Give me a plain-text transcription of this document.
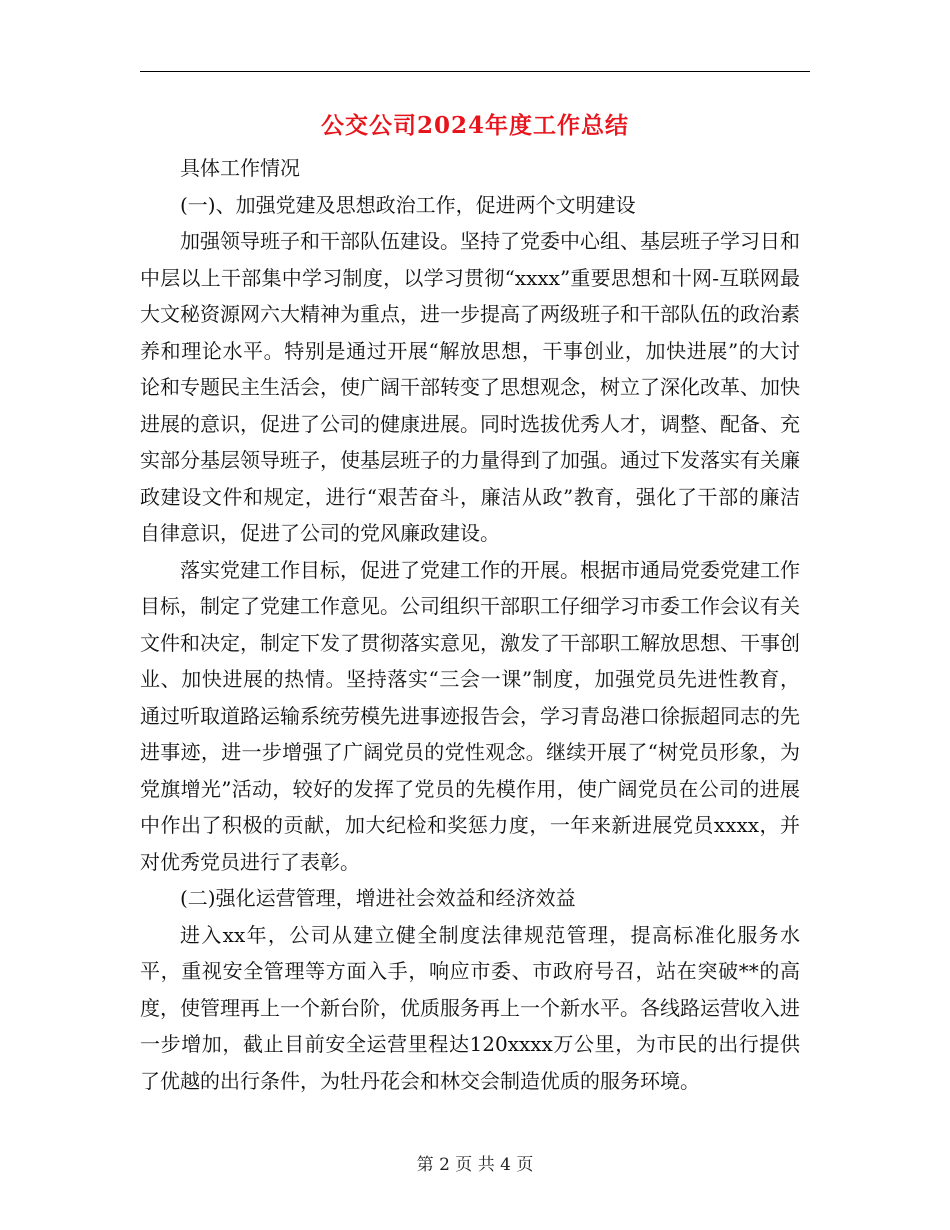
公交公司2024年度工作总结

具体工作情况

(一)、加强党建及思想政治工作，促进两个文明建设

加强领导班子和干部队伍建设。坚持了党委中心组、基层班子学习日和中层以上干部集中学习制度，以学习贯彻“xxxx”重要思想和十网-互联网最大文秘资源网六大精神为重点，进一步提高了两级班子和干部队伍的政治素养和理论水平。特别是通过开展“解放思想，干事创业，加快进展”的大讨论和专题民主生活会，使广阔干部转变了思想观念，树立了深化改革、加快进展的意识，促进了公司的健康进展。同时选拔优秀人才，调整、配备、充实部分基层领导班子，使基层班子的力量得到了加强。通过下发落实有关廉政建设文件和规定，进行“艰苦奋斗，廉洁从政”教育，强化了干部的廉洁自律意识，促进了公司的党风廉政建设。

落实党建工作目标，促进了党建工作的开展。根据市通局党委党建工作目标，制定了党建工作意见。公司组织干部职工仔细学习市委工作会议有关文件和决定，制定下发了贯彻落实意见，激发了干部职工解放思想、干事创业、加快进展的热情。坚持落实“三会一课”制度，加强党员先进性教育，通过听取道路运输系统劳模先进事迹报告会，学习青岛港口徐振超同志的先进事迹，进一步增强了广阔党员的党性观念。继续开展了“树党员形象，为党旗增光”活动，较好的发挥了党员的先模作用，使广阔党员在公司的进展中作出了积极的贡献，加大纪检和奖惩力度，一年来新进展党员xxxx，并对优秀党员进行了表彰。

(二)强化运营管理，增进社会效益和经济效益

进入xx年，公司从建立健全制度法律规范管理，提高标准化服务水平，重视安全管理等方面入手，响应市委、市政府号召，站在突破**的高度，使管理再上一个新台阶，优质服务再上一个新水平。各线路运营收入进一步增加，截止目前安全运营里程达120xxxx万公里，为市民的出行提供了优越的出行条件，为牡丹花会和林交会制造优质的服务环境。

第 2 页 共 4 页
